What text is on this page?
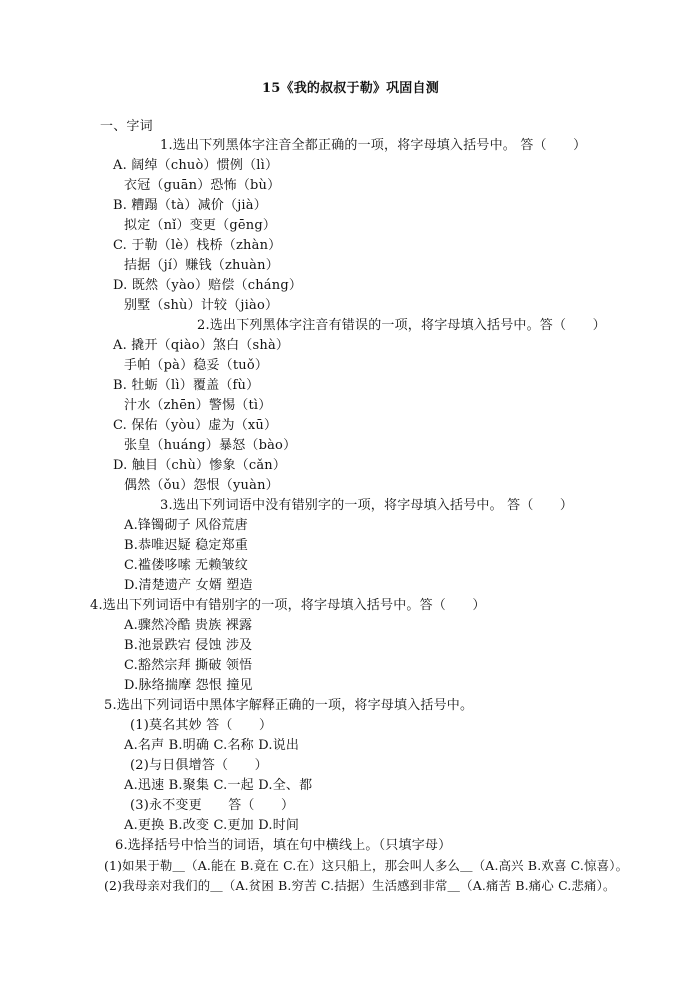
15《我的叔叔于勒》巩固自测
一、字词
1.选出下列黑体字注音全都正确的一项，将字母填入括号中。 答（　　）
A. 阔绰（chuò）惯例（lì）
衣冠（guān）恐怖（bù）
B. 糟蹋（tà）减价（jià）
拟定（nǐ）变更（gēng）
C. 于勒（lè）栈桥（zhàn）
拮据（jí）赚钱（zhuàn）
D. 既然（yào）赔偿（cháng）
别墅（shù）计较（jiào）
2.选出下列黑体字注音有错误的一项，将字母填入括号中。答（　　）
A. 撬开（qiào）煞白（shà）
手帕（pà）稳妥（tuǒ）
B. 牡蛎（lì）覆盖（fù）
汁水（zhēn）警惕（tì）
C. 保佑（yòu）虚为（xū）
张皇（huáng）暴怒（bào）
D. 触目（chù）惨象（cǎn）
偶然（ǒu）怨恨（yuàn）
3.选出下列词语中没有错别字的一项，将字母填入括号中。 答（　　）
A.锋镯砌子 风俗荒唐
B.恭唯迟疑 稳定郑重
C.褴偻哆嗦 无赖皱纹
D.清楚遗产 女婿 塑造
4.选出下列词语中有错别字的一项，将字母填入括号中。答（　　）
A.骤然冷酷 贵族 裸露
B.池景跌宕 侵蚀 涉及
C.豁然宗拜 撕破 领悟
D.脉络揣摩 怨恨 撞见
5.选出下列词语中黑体字解释正确的一项，将字母填入括号中。
(1)莫名其妙 答（　　）
A.名声 B.明确 C.名称 D.说出
(2)与日俱增答（　　）
A.迅速 B.聚集 C.一起 D.全、都
(3)永不变更　　答（　　）
A.更换 B.改变 C.更加 D.时间
6.选择括号中恰当的词语，填在句中横线上。（只填字母）
(1)如果于勒＿（A.能在 B.竟在 C.在）这只船上，那会叫人多么＿（A.高兴 B.欢喜 C.惊喜）。
(2)我母亲对我们的＿（A.贫困 B.穷苦 C.拮据）生活感到非常＿（A.痛苦 B.痛心 C.悲痛）。
